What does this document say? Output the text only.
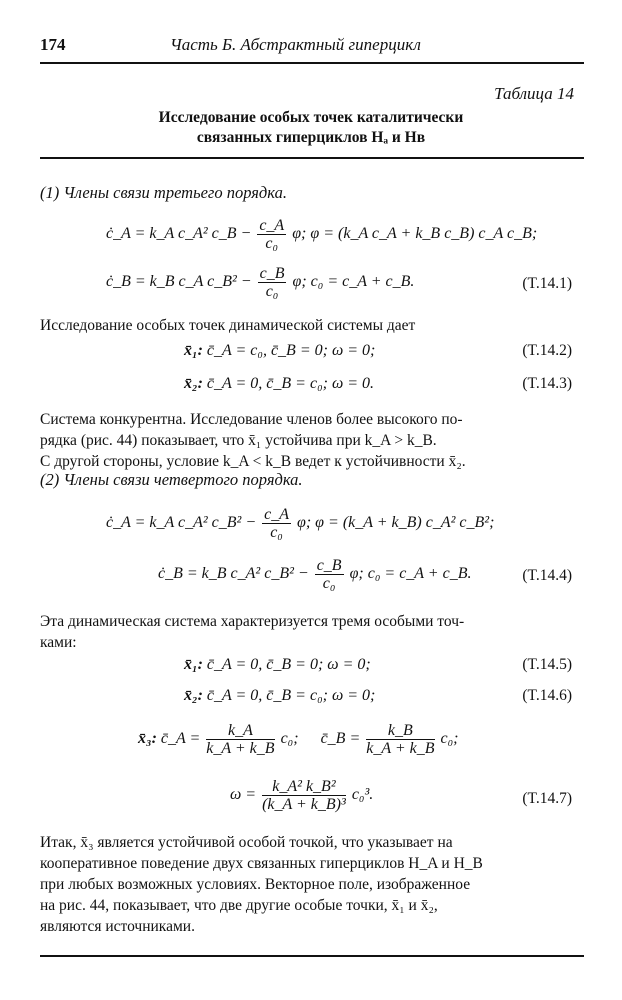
174	Часть Б. Абстрактный гиперцикл
Таблица 14
Исследование особых точек каталитически
связанных гиперциклов Hₐ и Hʙ
(1) Члены связи третьего порядка.
ċ_A = k_A c_A² c_B − $\frac{c\_A}{\text{c₀}} \varphi$; φ = (k_A c_A + k_B c_B) c_A c_B;
ċ_B = k_B c_A c_B² − $\frac{c\_B}{\text{c₀}} \varphi$; c₀ = c_A + c_B.	(T.14.1)
Исследование особых точек динамической системы дает
x̄₁: c̄_A = c₀, c̄_B = 0; ω = 0;	(T.14.2)
x̄₂: c̄_A = 0, c̄_B = c₀; ω = 0.	(T.14.3)
Система конкурентна. Исследование членов более высокого по-
рядка (рис. 44) показывает, что x̄₁ устойчива при k_A > k_B.
С другой стороны, условие k_A < k_B ведет к устойчивности x̄₂.
(2) Члены связи четвертого порядка.
ċ_A = k_A c_A² c_B² − $\frac{c\_A}{\text{c₀}} \varphi$; φ = (k_A + k_B) c_A² c_B²;
ċ_B = k_B c_A² c_B² − $\frac{c\_B}{\text{c₀}} \varphi$; c₀ = c_A + c_B.	(T.14.4)
Эта динамическая система характеризуется тремя особыми точ-
ками:
x̄₁: c̄_A = 0, c̄_B = 0; ω = 0;	(T.14.5)
x̄₂: c̄_A = 0, c̄_B = c₀; ω = 0;	(T.14.6)
x̄₃: c̄_A = $\frac{k\_A}{k\_A + k\_B} c_0$; c̄_B = $\frac{k\_B}{k\_A + k\_B} c_0$;
$\omega = \frac{\text{k\_A² k\_B²}}{\text{(k\_A + k\_B)³}} c_0^3$.	(T.14.7)
Итак, x̄₃ является устойчивой особой точкой, что указывает на
кооперативное поведение двух связанных гиперциклов H_A и H_B
при любых возможных условиях. Векторное поле, изображенное
на рис. 44, показывает, что две другие особые точки, x̄₁ и x̄₂,
являются источниками.
